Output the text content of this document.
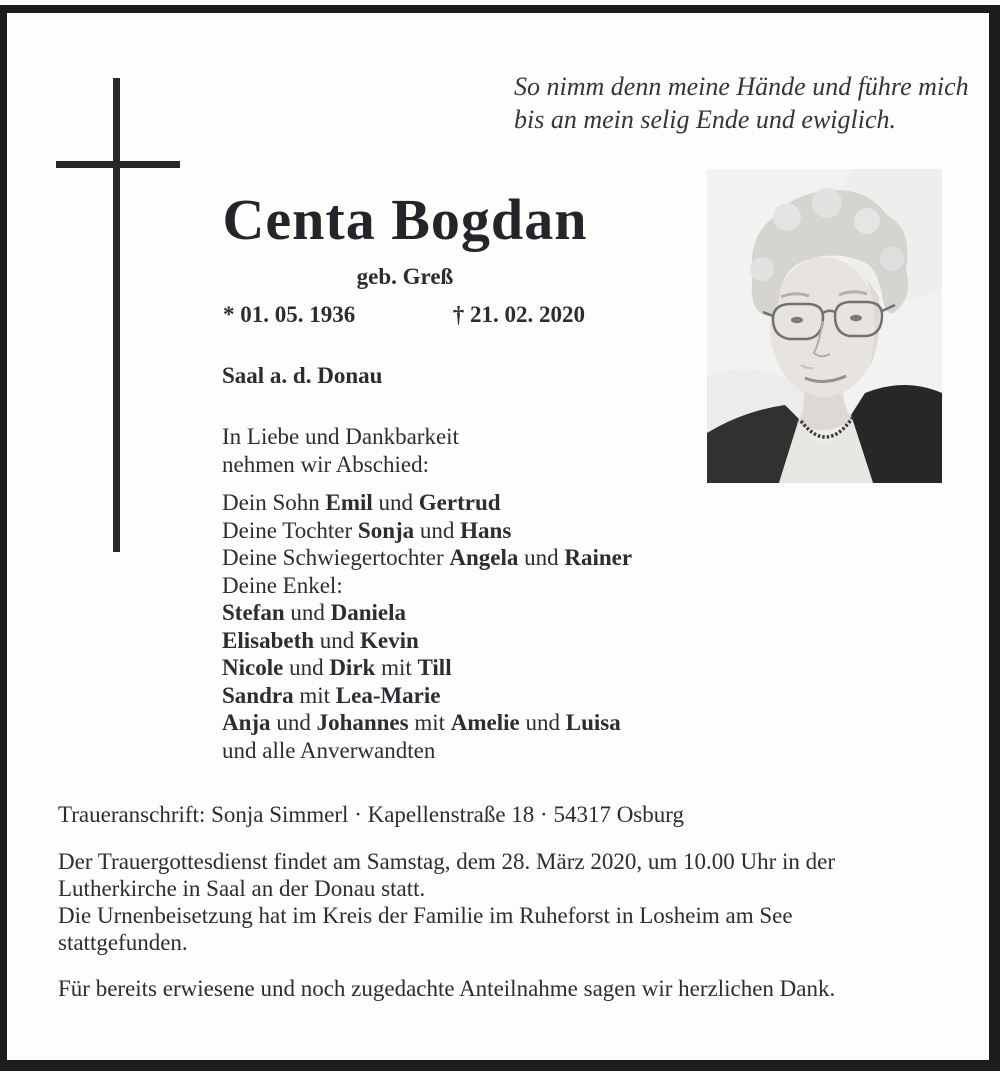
So nimm denn meine Hände und führe mich
bis an mein selig Ende und ewiglich.
Centa Bogdan
geb. Greß
* 01. 05. 1936	† 21. 02. 2020
Saal a. d. Donau
In Liebe und Dankbarkeit
nehmen wir Abschied:
Dein Sohn Emil und Gertrud
Deine Tochter Sonja und Hans
Deine Schwiegertochter Angela und Rainer
Deine Enkel:
Stefan und Daniela
Elisabeth und Kevin
Nicole und Dirk mit Till
Sandra mit Lea-Marie
Anja und Johannes mit Amelie und Luisa
und alle Anverwandten
Traueranschrift: Sonja Simmerl · Kapellenstraße 18 · 54317 Osburg
Der Trauergottesdienst findet am Samstag, dem 28. März 2020, um 10.00 Uhr in der
Lutherkirche in Saal an der Donau statt.
Die Urnenbeisetzung hat im Kreis der Familie im Ruheforst in Losheim am See
stattgefunden.
Für bereits erwiesene und noch zugedachte Anteilnahme sagen wir herzlichen Dank.
